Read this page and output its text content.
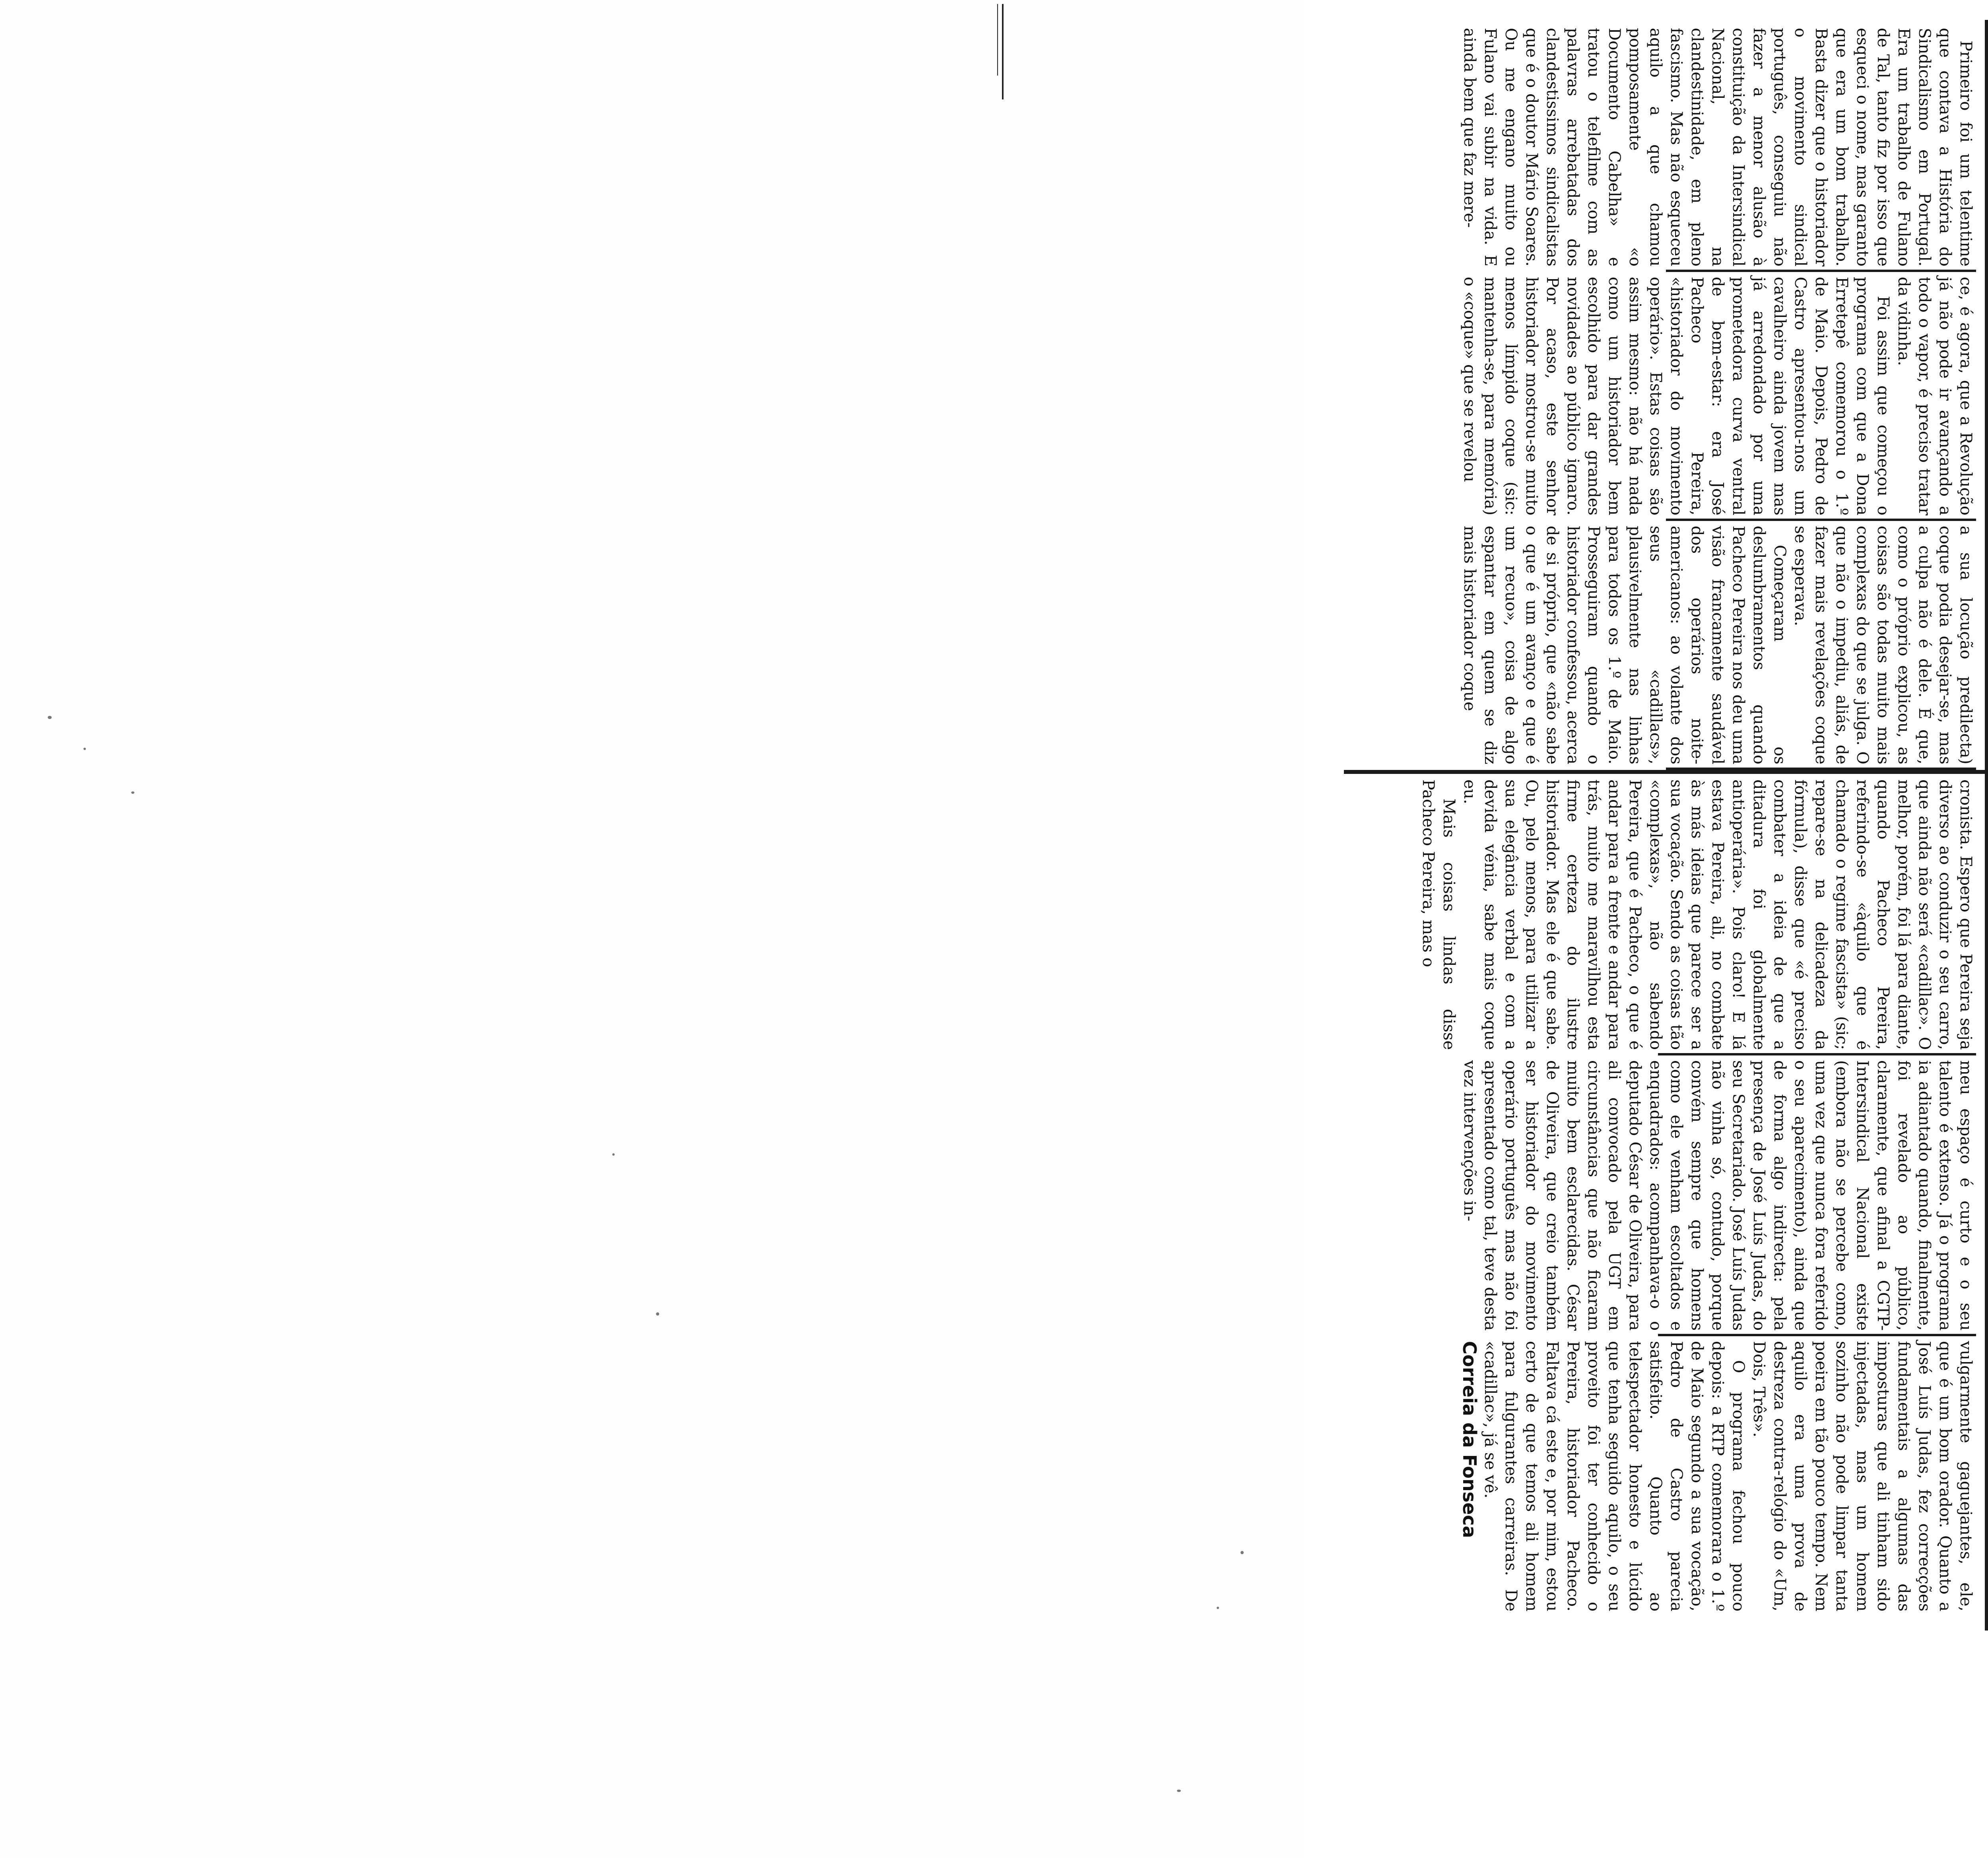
Primeiro foi um telentime que contava a História do Sindicalismo em Portugal. Era um trabalho de Fulano de Tal, tanto fiz por isso que esqueci o nome, mas garanto que era um bom trabalho. Basta dizer que o historiador o movimento sindical português, conseguiu não fazer a menor alusão à constituição da Intersindical Nacional, na clandestinidade, em pleno fascismo. Mas não esqueceu aquilo a que chamou pomposamente «o Documento Cabelha» e tratou o telefilme com as palavras arrebatadas dos clandestissimos sindicalistas que é o doutor Mário Soares. Ou me engano muito ou Fulano vai subir na vida. E ainda bem que faz mere-

ce, é agora, que a Revolução já não pode ir avançando a todo o vapor, é preciso tratar da vidinha.

Foi assim que começou o programa com que a Dona Erretepê comemorou o 1.º de Maio. Depois, Pedro de Castro apresentou-nos um cavalheiro ainda jovem mas já arredondado por uma prometedora curva ventral de bem-estar: era José Pacheco Pereira, «historiador do movimento operário». Estas coisas são assim mesmo: não há nada como um historiador bem escolhido para dar grandes novidades ao público ignaro. Por acaso, este senhor historiador mostrou-se muito menos límpido coque (sic: mantenha-se, para memória) o «coque» que se revelou

a sua locução predilecta) coque podia desejar-se, mas a culpa não é dele. É que, como o próprio explicou, as coisas são todas muito mais complexas do que se julga. O que não o impediu, aliás, de fazer mais revelações coque se esperava.

Começaram os deslumbramentos quando Pacheco Pereira nos deu uma visão francamente saudável dos operários noite-americanos: ao volante dos seus «cadillacs», plausivelmente nas linhas para todos os 1.º de Maio. Prosseguiram quando o historiador confessou, acerca de si próprio, que «não sabe o que é um avanço e que é um recuo», coisa de algo espantar em quem se diz mais historiador coque

cronista. Espero que Pereira seja diverso ao conduzir o seu carro, que ainda não será «cadillac». O melhor, porém, foi lá para diante, quando Pacheco Pereira, referindo-se «àquilo que é chamado o regime fascista» (sic; repare-se na delicadeza da fórmula), disse que «é preciso combater a ideia de que a ditadura foi globalmente antioperária». Pois claro! E lá estava Pereira, ali, no combate às más ideias que parece ser a sua vocação. Sendo as coisas tão «complexas», não sabendo Pereira, que é Pacheco, o que é andar para a frente e andar para trás, muito me maravilhou esta firme certeza do ilustre historiador. Mas ele é que sabe. Ou, pelo menos, para utilizar a sua elegância verbal e com a devida vénia, sabe mais coque eu.

Mais coisas lindas disse Pacheco Pereira, mas o

meu espaço é curto e o seu talento é extenso. Já o programa ia adiantado quando, finalmente, foi revelado ao público, claramente, que afinal a CGTP-Intersindical Nacional existe (embora não se percebe como, uma vez que nunca fora referido o seu aparecimento), ainda que de forma algo indirecta: pela presença de José Luís Judas, do seu Secretariado. José Luís Judas não vinha só, contudo, porque convém sempre que homens como ele venham escoltados e enquadrados: acompanhava-o o deputado César de Oliveira, para ali convocado pela UGT em circunstâncias que não ficaram muito bem esclarecidas. César de Oliveira, que creio também ser historiador do movimento operário português mas não foi apresentado como tal, teve desta vez intervenções in-

vulgarmente gaguejantes, ele, que é um bom orador. Quanto a José Luís Judas, fez correcções fundamentais a algumas das imposturas que ali tinham sido injectadas, mas um homem sozinho não pode limpar tanta poeira em tão pouco tempo. Nem aquilo era uma prova de destreza contra-relógio do «Um, Dois, Três».

O programa fechou pouco depois: a RTP comemorara o 1.º de Maio segundo a sua vocação, Pedro de Castro parecia satisfeito. Quanto ao telespectador honesto e lúcido que tenha seguido aquilo, o seu proveito foi ter conhecido o Pereira, historiador Pacheco. Faltava cá este e, por mim, estou certo de que temos ali homem para fulgurantes carreiras. De «cadillac», já se vê.

Correia da Fonseca
